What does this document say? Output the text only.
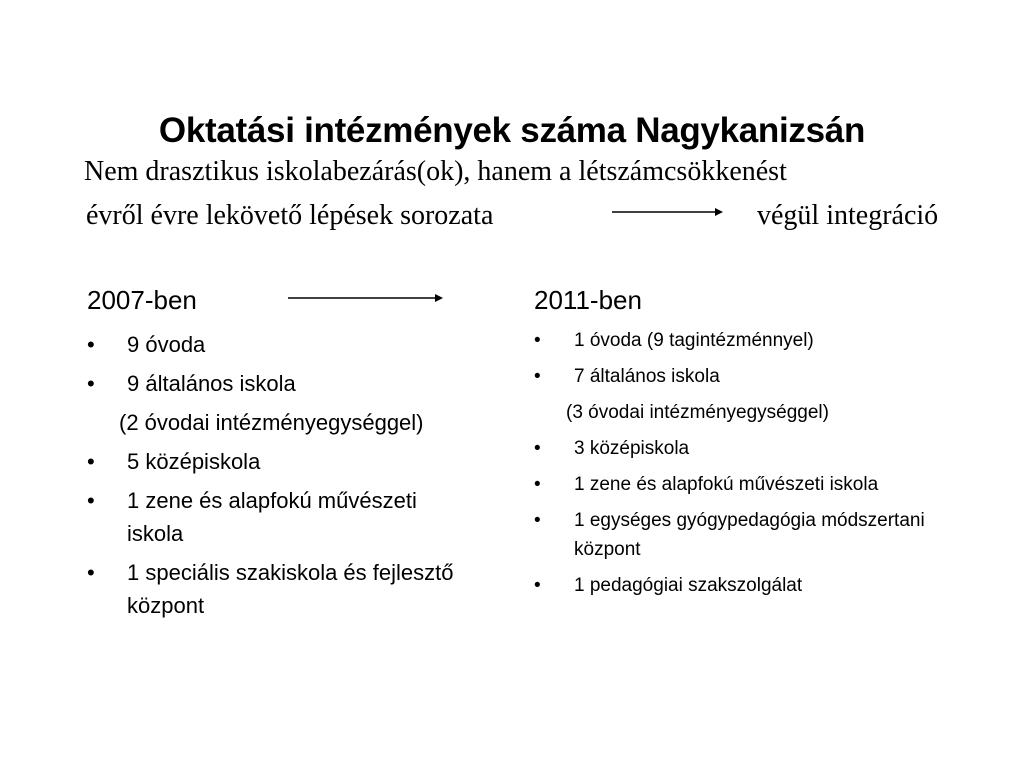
Oktatási intézmények száma Nagykanizsán
Nem drasztikus iskolabezárás(ok), hanem a létszámcsökkenést
évről évre lekövető lépések sorozata	végül integráció
2007-ben
• 9 óvoda
• 9 általános iskola
(2 óvodai intézményegységgel)
• 5 középiskola
• 1 zene és alapfokú művészeti iskola
• 1 speciális szakiskola és fejlesztő központ
2011-ben
• 1 óvoda (9 tagintézménnyel)
• 7 általános iskola
(3 óvodai intézményegységgel)
• 3 középiskola
• 1 zene és alapfokú művészeti iskola
• 1 egységes gyógypedagógia módszertani központ
• 1 pedagógiai szakszolgálat
